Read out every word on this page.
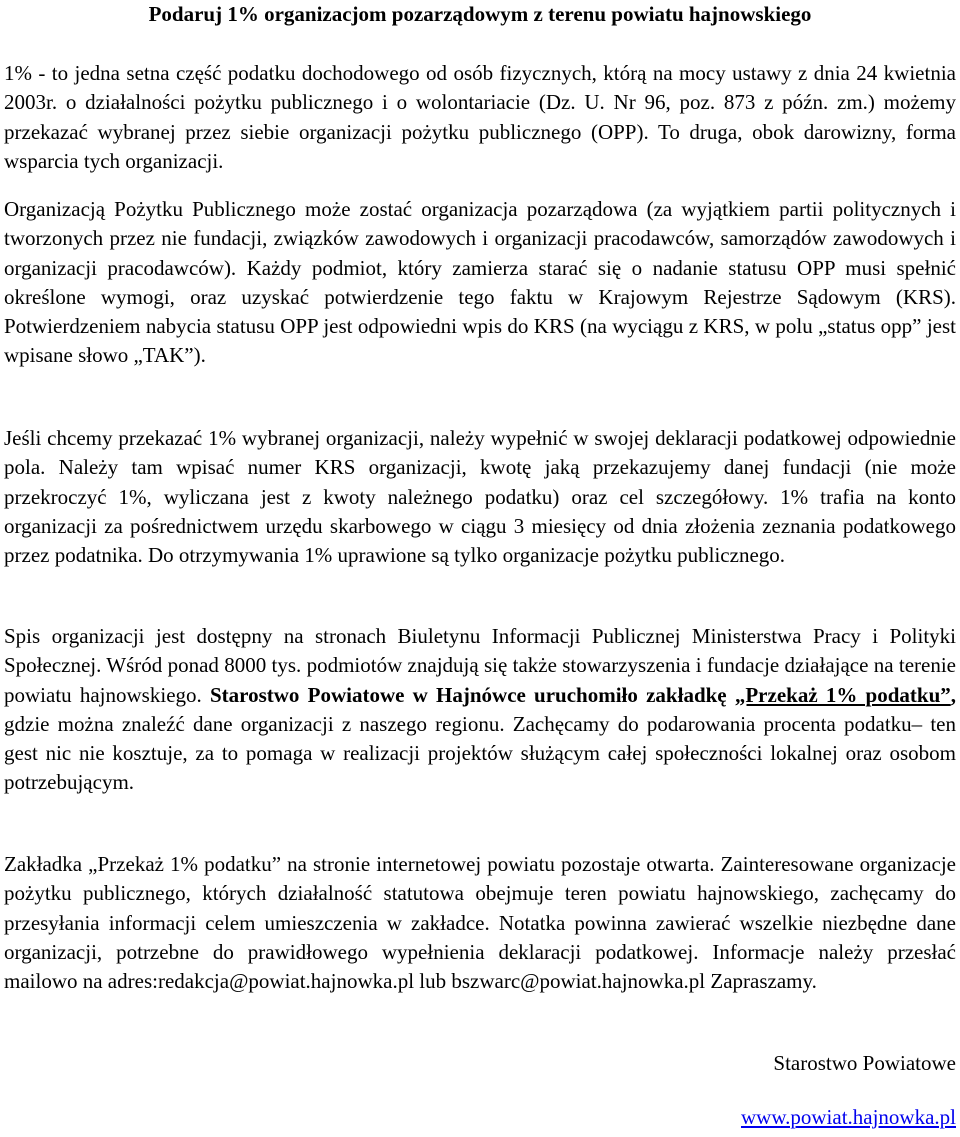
Podaruj 1% organizacjom pozarządowym z terenu powiatu hajnowskiego

1% - to jedna setna część podatku dochodowego od osób fizycznych, którą na mocy ustawy z dnia 24 kwietnia 2003r. o działalności pożytku publicznego i o wolontariacie (Dz. U. Nr 96, poz. 873 z późn. zm.) możemy przekazać wybranej przez siebie organizacji pożytku publicznego (OPP). To druga, obok darowizny, forma wsparcia tych organizacji.

Organizacją Pożytku Publicznego może zostać organizacja pozarządowa (za wyjątkiem partii politycznych i tworzonych przez nie fundacji, związków zawodowych i organizacji pracodawców, samorządów zawodowych i organizacji pracodawców). Każdy podmiot, który zamierza starać się o nadanie statusu OPP musi spełnić określone wymogi, oraz uzyskać potwierdzenie tego faktu w Krajowym Rejestrze Sądowym (KRS). Potwierdzeniem nabycia statusu OPP jest odpowiedni wpis do KRS (na wyciągu z KRS, w polu „status opp” jest wpisane słowo „TAK”).

Jeśli chcemy przekazać 1% wybranej organizacji, należy wypełnić w swojej deklaracji podatkowej odpowiednie pola. Należy tam wpisać numer KRS organizacji, kwotę jaką przekazujemy danej fundacji (nie może przekroczyć 1%, wyliczana jest z kwoty należnego podatku) oraz cel szczegółowy. 1% trafia na konto organizacji za pośrednictwem urzędu skarbowego w ciągu 3 miesięcy od dnia złożenia zeznania podatkowego przez podatnika. Do otrzymywania 1% uprawione są tylko organizacje pożytku publicznego.

Spis organizacji jest dostępny na stronach Biuletynu Informacji Publicznej Ministerstwa Pracy i Polityki Społecznej. Wśród ponad 8000 tys. podmiotów znajdują się także stowarzyszenia i fundacje działające na terenie powiatu hajnowskiego. Starostwo Powiatowe w Hajnówce uruchomiło zakładkę „Przekaż 1% podatku”, gdzie można znaleźć dane organizacji z naszego regionu. Zachęcamy do podarowania procenta podatku– ten gest nic nie kosztuje, za to pomaga w realizacji projektów służącym całej społeczności lokalnej oraz osobom potrzebującym.

Zakładka „Przekaż 1% podatku” na stronie internetowej powiatu pozostaje otwarta. Zainteresowane organizacje pożytku publicznego, których działalność statutowa obejmuje teren powiatu hajnowskiego, zachęcamy do przesyłania informacji celem umieszczenia w zakładce. Notatka powinna zawierać wszelkie niezbędne dane organizacji, potrzebne do prawidłowego wypełnienia deklaracji podatkowej. Informacje należy przesłać mailowo na adres:redakcja@powiat.hajnowka.pl lub bszwarc@powiat.hajnowka.pl Zapraszamy.

Starostwo Powiatowe
www.powiat.hajnowka.pl
